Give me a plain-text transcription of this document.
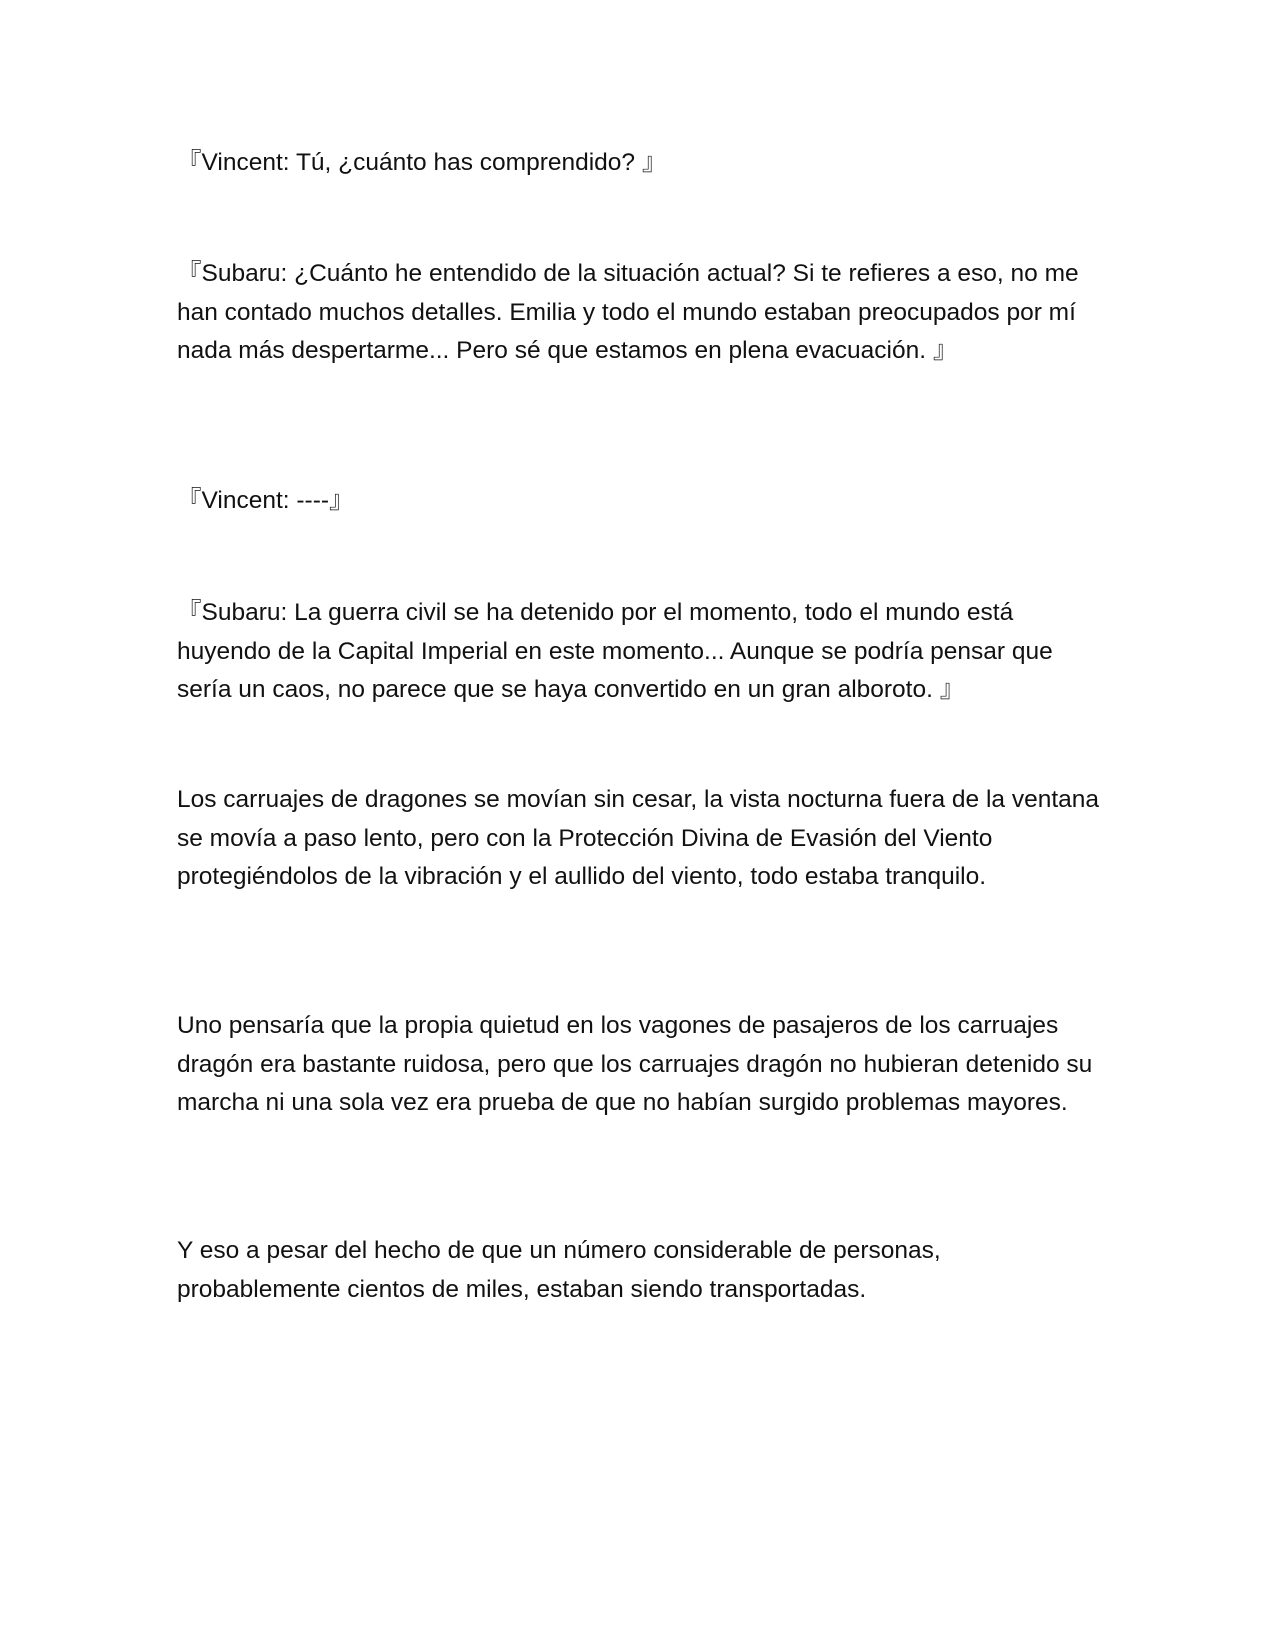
『Vincent: Tú, ¿cuánto has comprendido? 』

『Subaru: ¿Cuánto he entendido de la situación actual? Si te refieres a eso, no me han contado muchos detalles. Emilia y todo el mundo estaban preocupados por mí nada más despertarme... Pero sé que estamos en plena evacuación. 』

『Vincent: ----』

『Subaru: La guerra civil se ha detenido por el momento, todo el mundo está huyendo de la Capital Imperial en este momento... Aunque se podría pensar que sería un caos, no parece que se haya convertido en un gran alboroto. 』

Los carruajes de dragones se movían sin cesar, la vista nocturna fuera de la ventana se movía a paso lento, pero con la Protección Divina de Evasión del Viento protegiéndolos de la vibración y el aullido del viento, todo estaba tranquilo.

Uno pensaría que la propia quietud en los vagones de pasajeros de los carruajes dragón era bastante ruidosa, pero que los carruajes dragón no hubieran detenido su marcha ni una sola vez era prueba de que no habían surgido problemas mayores.

Y eso a pesar del hecho de que un número considerable de personas, probablemente cientos de miles, estaban siendo transportadas.
